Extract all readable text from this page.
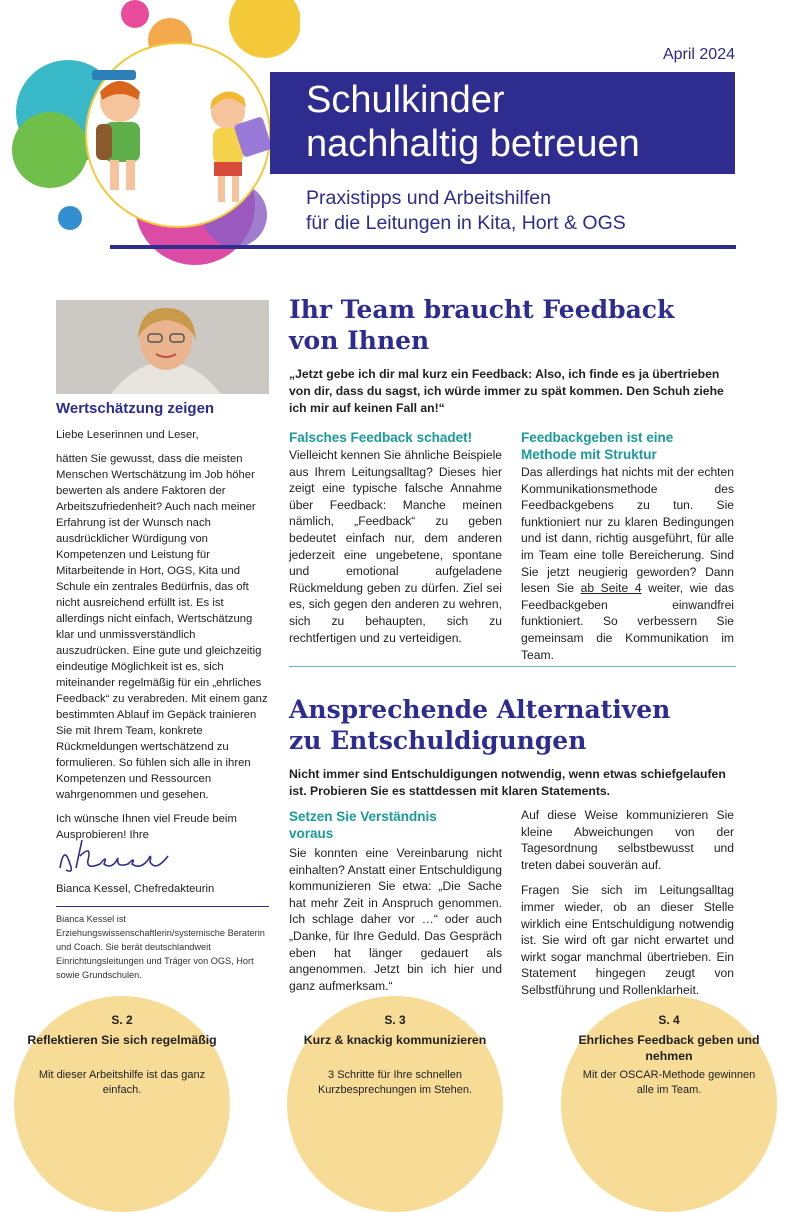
April 2024
Schulkinder
nachhaltig betreuen
Praxistipps und Arbeitshilfen
für die Leitungen in Kita, Hort & OGS
Wertschätzung zeigen

Liebe Leserinnen und Leser,

hätten Sie gewusst, dass die meisten Menschen Wertschätzung im Job höher bewerten als andere Faktoren der Arbeitszufriedenheit? Auch nach meiner Erfahrung ist der Wunsch nach ausdrücklicher Würdigung von Kompetenzen und Leistung für Mitarbeitende in Hort, OGS, Kita und Schule ein zentrales Bedürfnis, das oft nicht ausreichend erfüllt ist. Es ist allerdings nicht einfach, Wertschätzung klar und unmissverständlich auszudrücken. Eine gute und gleichzeitig eindeutige Möglichkeit ist es, sich miteinander regelmäßig für ein „ehrliches Feedback“ zu verabreden. Mit einem ganz bestimmten Ablauf im Gepäck trainieren Sie mit Ihrem Team, konkrete Rückmeldungen wertschätzend zu formulieren. So fühlen sich alle in ihren Kompetenzen und Ressourcen wahrgenommen und gesehen.

Ich wünsche Ihnen viel Freude beim Ausprobieren! Ihre

Bianca Kessel, Chefredakteurin
Bianca Kessel ist Erziehungswissenschaftlerin/systemische Beraterin und Coach. Sie berät deutschlandweit Einrichtungsleitungen und Träger von OGS, Hort sowie Grundschulen.
Ihr Team braucht Feedback
von Ihnen
„Jetzt gebe ich dir mal kurz ein Feedback: Also, ich finde es ja übertrieben von dir, dass du sagst, ich würde immer zu spät kommen. Den Schuh ziehe ich mir auf keinen Fall an!“
Falsches Feedback schadet!
Vielleicht kennen Sie ähnliche Beispiele aus Ihrem Leitungsalltag? Dieses hier zeigt eine typische falsche Annahme über Feedback: Manche meinen nämlich, „Feedback“ zu geben bedeutet einfach nur, dem anderen jederzeit eine ungebetene, spontane und emotional aufgeladene Rückmeldung geben zu dürfen. Ziel sei es, sich gegen den anderen zu wehren, sich zu behaupten, sich zu rechtfertigen und zu verteidigen.
Feedbackgeben ist eine
Methode mit Struktur
Das allerdings hat nichts mit der echten Kommunikationsmethode des Feedbackgebens zu tun. Sie funktioniert nur zu klaren Bedingungen und ist dann, richtig ausgeführt, für alle im Team eine tolle Bereicherung. Sind Sie jetzt neugierig geworden? Dann lesen Sie ab Seite 4 weiter, wie das Feedbackgeben einwandfrei funktioniert. So verbessern Sie gemeinsam die Kommunikation im Team.
Ansprechende Alternativen
zu Entschuldigungen
Nicht immer sind Entschuldigungen notwendig, wenn etwas schiefgelaufen ist. Probieren Sie es stattdessen mit klaren Statements.
Setzen Sie Verständnis
voraus
Sie konnten eine Vereinbarung nicht einhalten? Anstatt einer Entschuldigung kommunizieren Sie etwa: „Die Sache hat mehr Zeit in Anspruch genommen. Ich schlage daher vor …“ oder auch „Danke, für Ihre Geduld. Das Gespräch eben hat länger gedauert als angenommen. Jetzt bin ich hier und ganz aufmerksam.“

Auf diese Weise kommunizieren Sie kleine Abweichungen von der Tagesordnung selbstbewusst und treten dabei souverän auf.

Fragen Sie sich im Leitungsalltag immer wieder, ob an dieser Stelle wirklich eine Entschuldigung notwendig ist. Sie wird oft gar nicht erwartet und wirkt sogar manchmal übertrieben. Ein Statement hingegen zeugt von Selbstführung und Rollenklarheit.

S. 2
Reflektieren Sie sich regelmäßig
Mit dieser Arbeitshilfe ist das ganz einfach.
S. 3
Kurz & knackig kommunizieren
3 Schritte für Ihre schnellen Kurzbesprechungen im Stehen.
S. 4
Ehrliches Feedback geben und nehmen
Mit der OSCAR-Methode gewinnen alle im Team.
